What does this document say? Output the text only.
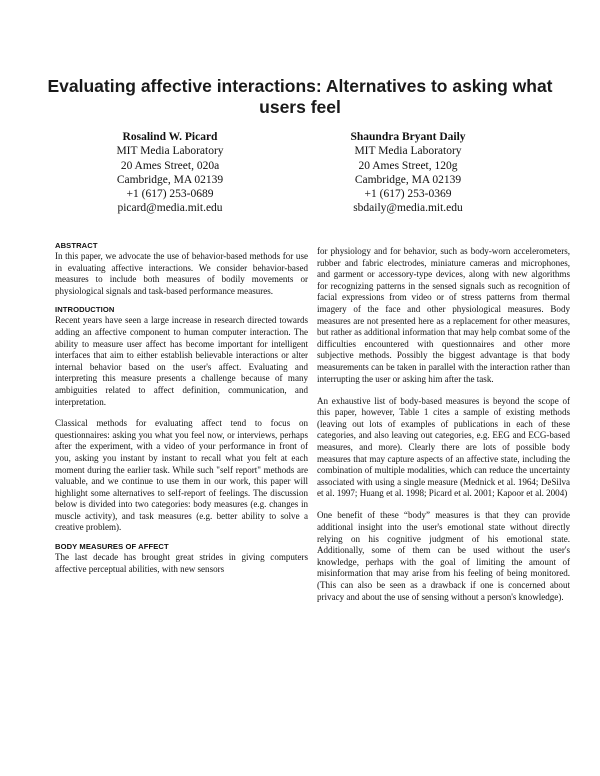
Evaluating affective interactions: Alternatives to asking what users feel
Rosalind W. Picard
MIT Media Laboratory
20 Ames Street, 020a
Cambridge, MA 02139
+1 (617) 253-0689
picard@media.mit.edu
Shaundra Bryant Daily
MIT Media Laboratory
20 Ames Street, 120g
Cambridge, MA 02139
+1 (617) 253-0369
sbdaily@media.mit.edu
ABSTRACT

In this paper, we advocate the use of behavior-based methods for use in evaluating affective interactions. We consider behavior-based measures to include both measures of bodily movements or physiological signals and task-based performance measures.

INTRODUCTION

Recent years have seen a large increase in research directed towards adding an affective component to human computer interaction. The ability to measure user affect has become important for intelligent interfaces that aim to either establish believable interactions or alter internal behavior based on the user's affect. Evaluating and interpreting this measure presents a challenge because of many ambiguities related to affect definition, communication, and interpretation.

Classical methods for evaluating affect tend to focus on questionnaires: asking you what you feel now, or interviews, perhaps after the experiment, with a video of your performance in front of you, asking you instant by instant to recall what you felt at each moment during the earlier task. While such "self report" methods are valuable, and we continue to use them in our work, this paper will highlight some alternatives to self-report of feelings. The discussion below is divided into two categories: body measures (e.g. changes in muscle activity), and task measures (e.g. better ability to solve a creative problem).

BODY MEASURES OF AFFECT

The last decade has brought great strides in giving computers affective perceptual abilities, with new sensors

for physiology and for behavior, such as body-worn accelerometers, rubber and fabric electrodes, miniature cameras and microphones, and garment or accessory-type devices, along with new algorithms for recognizing patterns in the sensed signals such as recognition of facial expressions from video or of stress patterns from thermal imagery of the face and other physiological measures. Body measures are not presented here as a replacement for other measures, but rather as additional information that may help combat some of the difficulties encountered with questionnaires and other more subjective methods. Possibly the biggest advantage is that body measurements can be taken in parallel with the interaction rather than interrupting the user or asking him after the task.

An exhaustive list of body-based measures is beyond the scope of this paper, however, Table 1 cites a sample of existing methods (leaving out lots of examples of publications in each of these categories, and also leaving out categories, e.g. EEG and ECG-based measures, and more). Clearly there are lots of possible body measures that may capture aspects of an affective state, including the combination of multiple modalities, which can reduce the uncertainty associated with using a single measure (Mednick et al. 1964; DeSilva et al. 1997; Huang et al. 1998; Picard et al. 2001; Kapoor et al. 2004)

One benefit of these “body” measures is that they can provide additional insight into the user's emotional state without directly relying on his cognitive judgment of his emotional state. Additionally, some of them can be used without the user's knowledge, perhaps with the goal of limiting the amount of misinformation that may arise from his feeling of being monitored. (This can also be seen as a drawback if one is concerned about privacy and about the use of sensing without a person's knowledge).
